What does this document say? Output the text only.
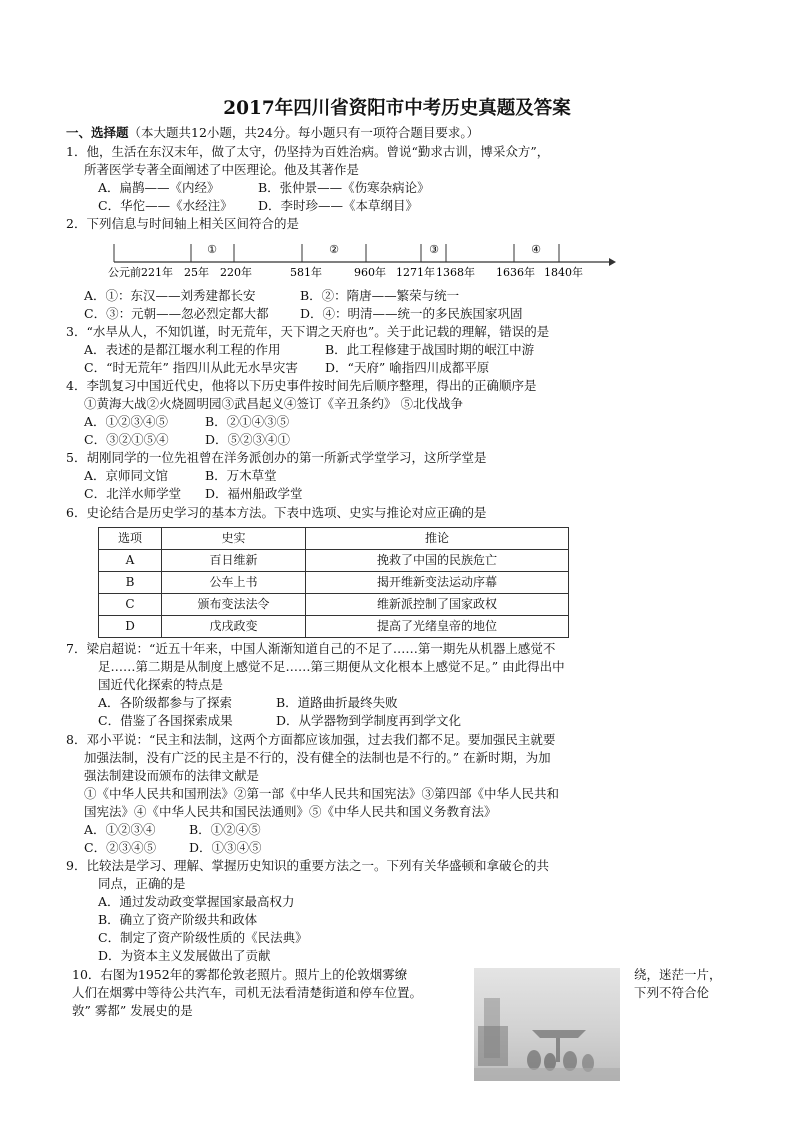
2017年四川省资阳市中考历史真题及答案
一、选择题（本大题共12小题，共24分。每小题只有一项符合题目要求。）
1．他，生活在东汉末年，做了太守，仍坚持为百姓治病。曾说“勤求古训，博采众方”，
所著医学专著全面阐述了中医理论。他及其著作是
A．扁鹊——《内经》	B．张仲景——《伤寒杂病论》
C．华佗——《水经注》 D．李时珍——《本草纲目》
2．下列信息与时间轴上相关区间符合的是
①	②	③	④
公元前221年 25年 220年	581年	960年 1271年 1368年 1636年 1840年
A．①：东汉——刘秀建都长安	B．②：隋唐——繁荣与统一
C．③：元朝——忽必烈定都大都	D．④：明清——统一的多民族国家巩固
3．“水旱从人，不知饥谨，时无荒年，天下谓之天府也”。关于此记载的理解，错误的是
A．表述的是都江堰水利工程的作用	B．此工程修建于战国时期的岷江中游
C．“时无荒年” 指四川从此无水旱灾害 D．“天府” 喻指四川成都平原
4．李凯复习中国近代史，他将以下历史事件按时间先后顺序整理，得出的正确顺序是
①黄海大战②火烧圆明园③武昌起义④签订《辛丑条约》 ⑤北伐战争
A．①②③④⑤	B．②①④③⑤
C．③②①⑤④	D．⑤②③④①
5．胡刚同学的一位先祖曾在洋务派创办的第一所新式学堂学习，这所学堂是
A．京师同文馆	B．万木草堂
C．北洋水师学堂 D．福州船政学堂
6．史论结合是历史学习的基本方法。下表中选项、史实与推论对应正确的是
选项	史实	推论
A	百日维新	挽救了中国的民族危亡
B	公车上书	揭开维新变法运动序幕
C	颁布变法法令	维新派控制了国家政权
D	戊戌政变	提高了光绪皇帝的地位
7．梁启超说：“近五十年来，中国人渐渐知道自己的不足了……第一期先从机器上感觉不
足……第二期是从制度上感觉不足……第三期便从文化根本上感觉不足。” 由此得出中
国近代化探索的特点是
A．各阶级都参与了探索	B．道路曲折最终失败
C．借鉴了各国探索成果	D．从学器物到学制度再到学文化
8．邓小平说：“民主和法制，这两个方面都应该加强，过去我们都不足。要加强民主就要
加强法制，没有广泛的民主是不行的，没有健全的法制也是不行的。” 在新时期，为加
强法制建设而颁布的法律文献是
①《中华人民共和国刑法》②第一部《中华人民共和国宪法》③第四部《中华人民共和
国宪法》④《中华人民共和国民法通则》⑤《中华人民共和国义务教育法》
A．①②③④	B．①②④⑤
C．②③④⑤	D．①③④⑤
9．比较法是学习、理解、掌握历史知识的重要方法之一。下列有关华盛顿和拿破仑的共
同点，正确的是
A．通过发动政变掌握国家最高权力
B．确立了资产阶级共和政体
C．制定了资产阶级性质的《民法典》
D．为资本主义发展做出了贡献
10．右图为1952年的雾都伦敦老照片。照片上的伦敦烟雾缭	绕，迷茫一片，
人们在烟雾中等待公共汽车，司机无法看清楚街道和停车位置。	下列不符合伦
敦” 雾都” 发展史的是
